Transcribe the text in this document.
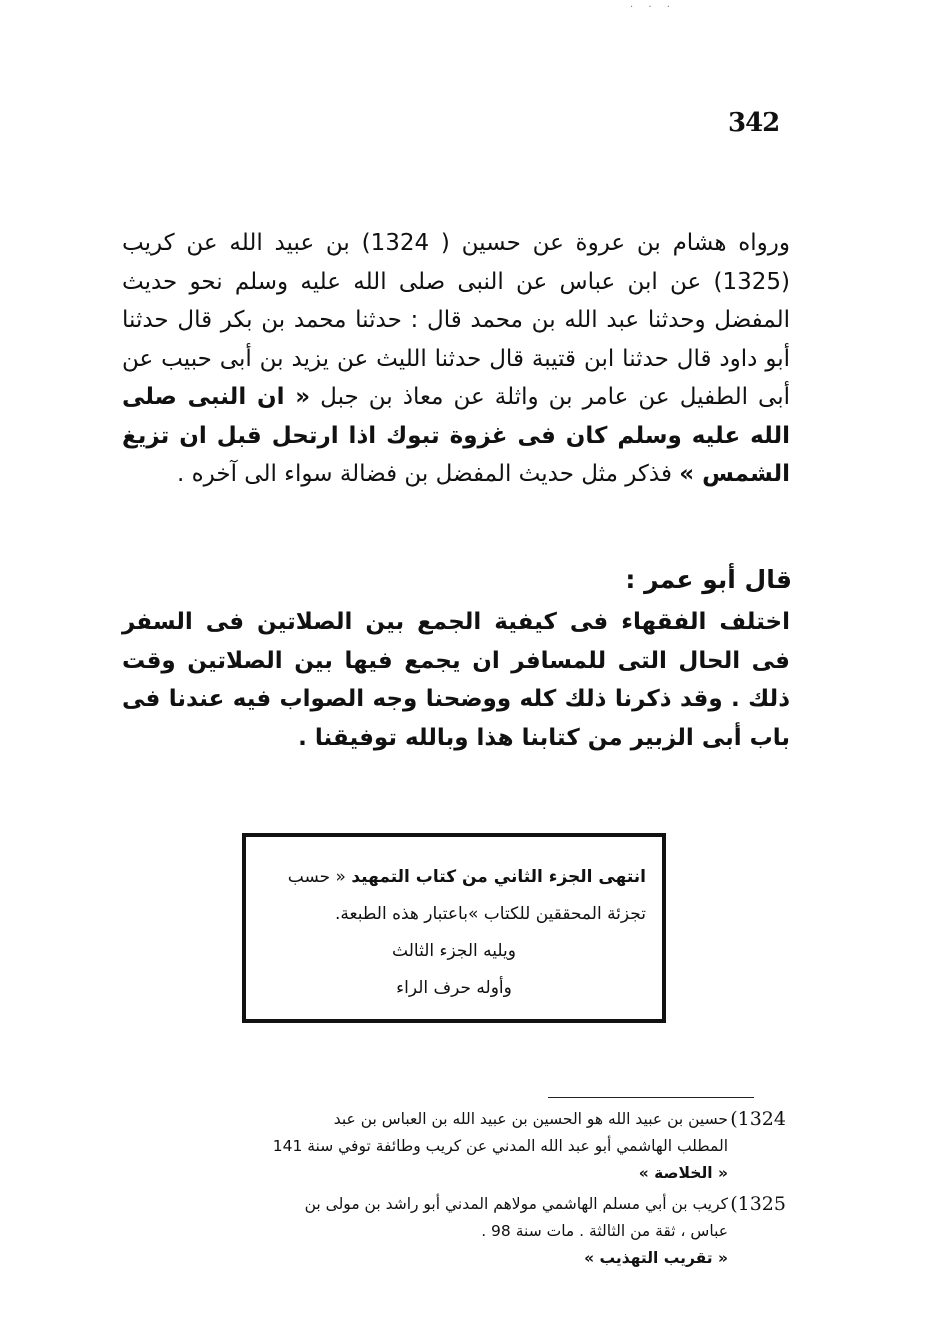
· · ·
342

ورواه هشام بن عروة عن حسين ( 1324) بن عبيد الله عن كريب (1325) عن ابن عباس عن النبى صلى الله عليه وسلم نحو حديث المفضل وحدثنا عبد الله بن محمد قال : حدثنا محمد بن بكر قال حدثنا أبو داود قال حدثنا ابن قتيبة قال حدثنا الليث عن يزيد بن أبى حبيب عن أبى الطفيل عن عامر بن واثلة عن معاذ بن جبل « ان النبى صلى الله عليه وسلم كان فى غزوة تبوك اذا ارتحل قبل ان تزيغ الشمس » فذكر مثل حديث المفضل بن فضالة سواء الى آخره .

قال أبو عمر :
اختلف الفقهاء فى كيفية الجمع بين الصلاتين فى السفر فى الحال التى للمسافر ان يجمع فيها بين الصلاتين وقت ذلك . وقد ذكرنا ذلك كله ووضحنا وجه الصواب فيه عندنا فى باب أبى الزبير من كتابنا هذا وبالله توفيقنا .
انتهى الجزء الثاني من كتاب التمهيد « حسب
تجزئة المحققين للكتاب »باعتبار هذه الطبعة.
ويليه الجزء الثالث
وأوله حرف الراء
(1324
حسين بن عبيد الله هو الحسين بن عبيد الله بن العباس بن عبد
المطلب الهاشمي أبو عبد الله المدني عن كريب وطائفة توفي سنة 141
« الخلاصة »
(1325
كريب بن أبي مسلم الهاشمي مولاهم المدني أبو راشد بن مولى بن
عباس ، ثقة من الثالثة . مات سنة 98 .
« تقريب التهذيب »
